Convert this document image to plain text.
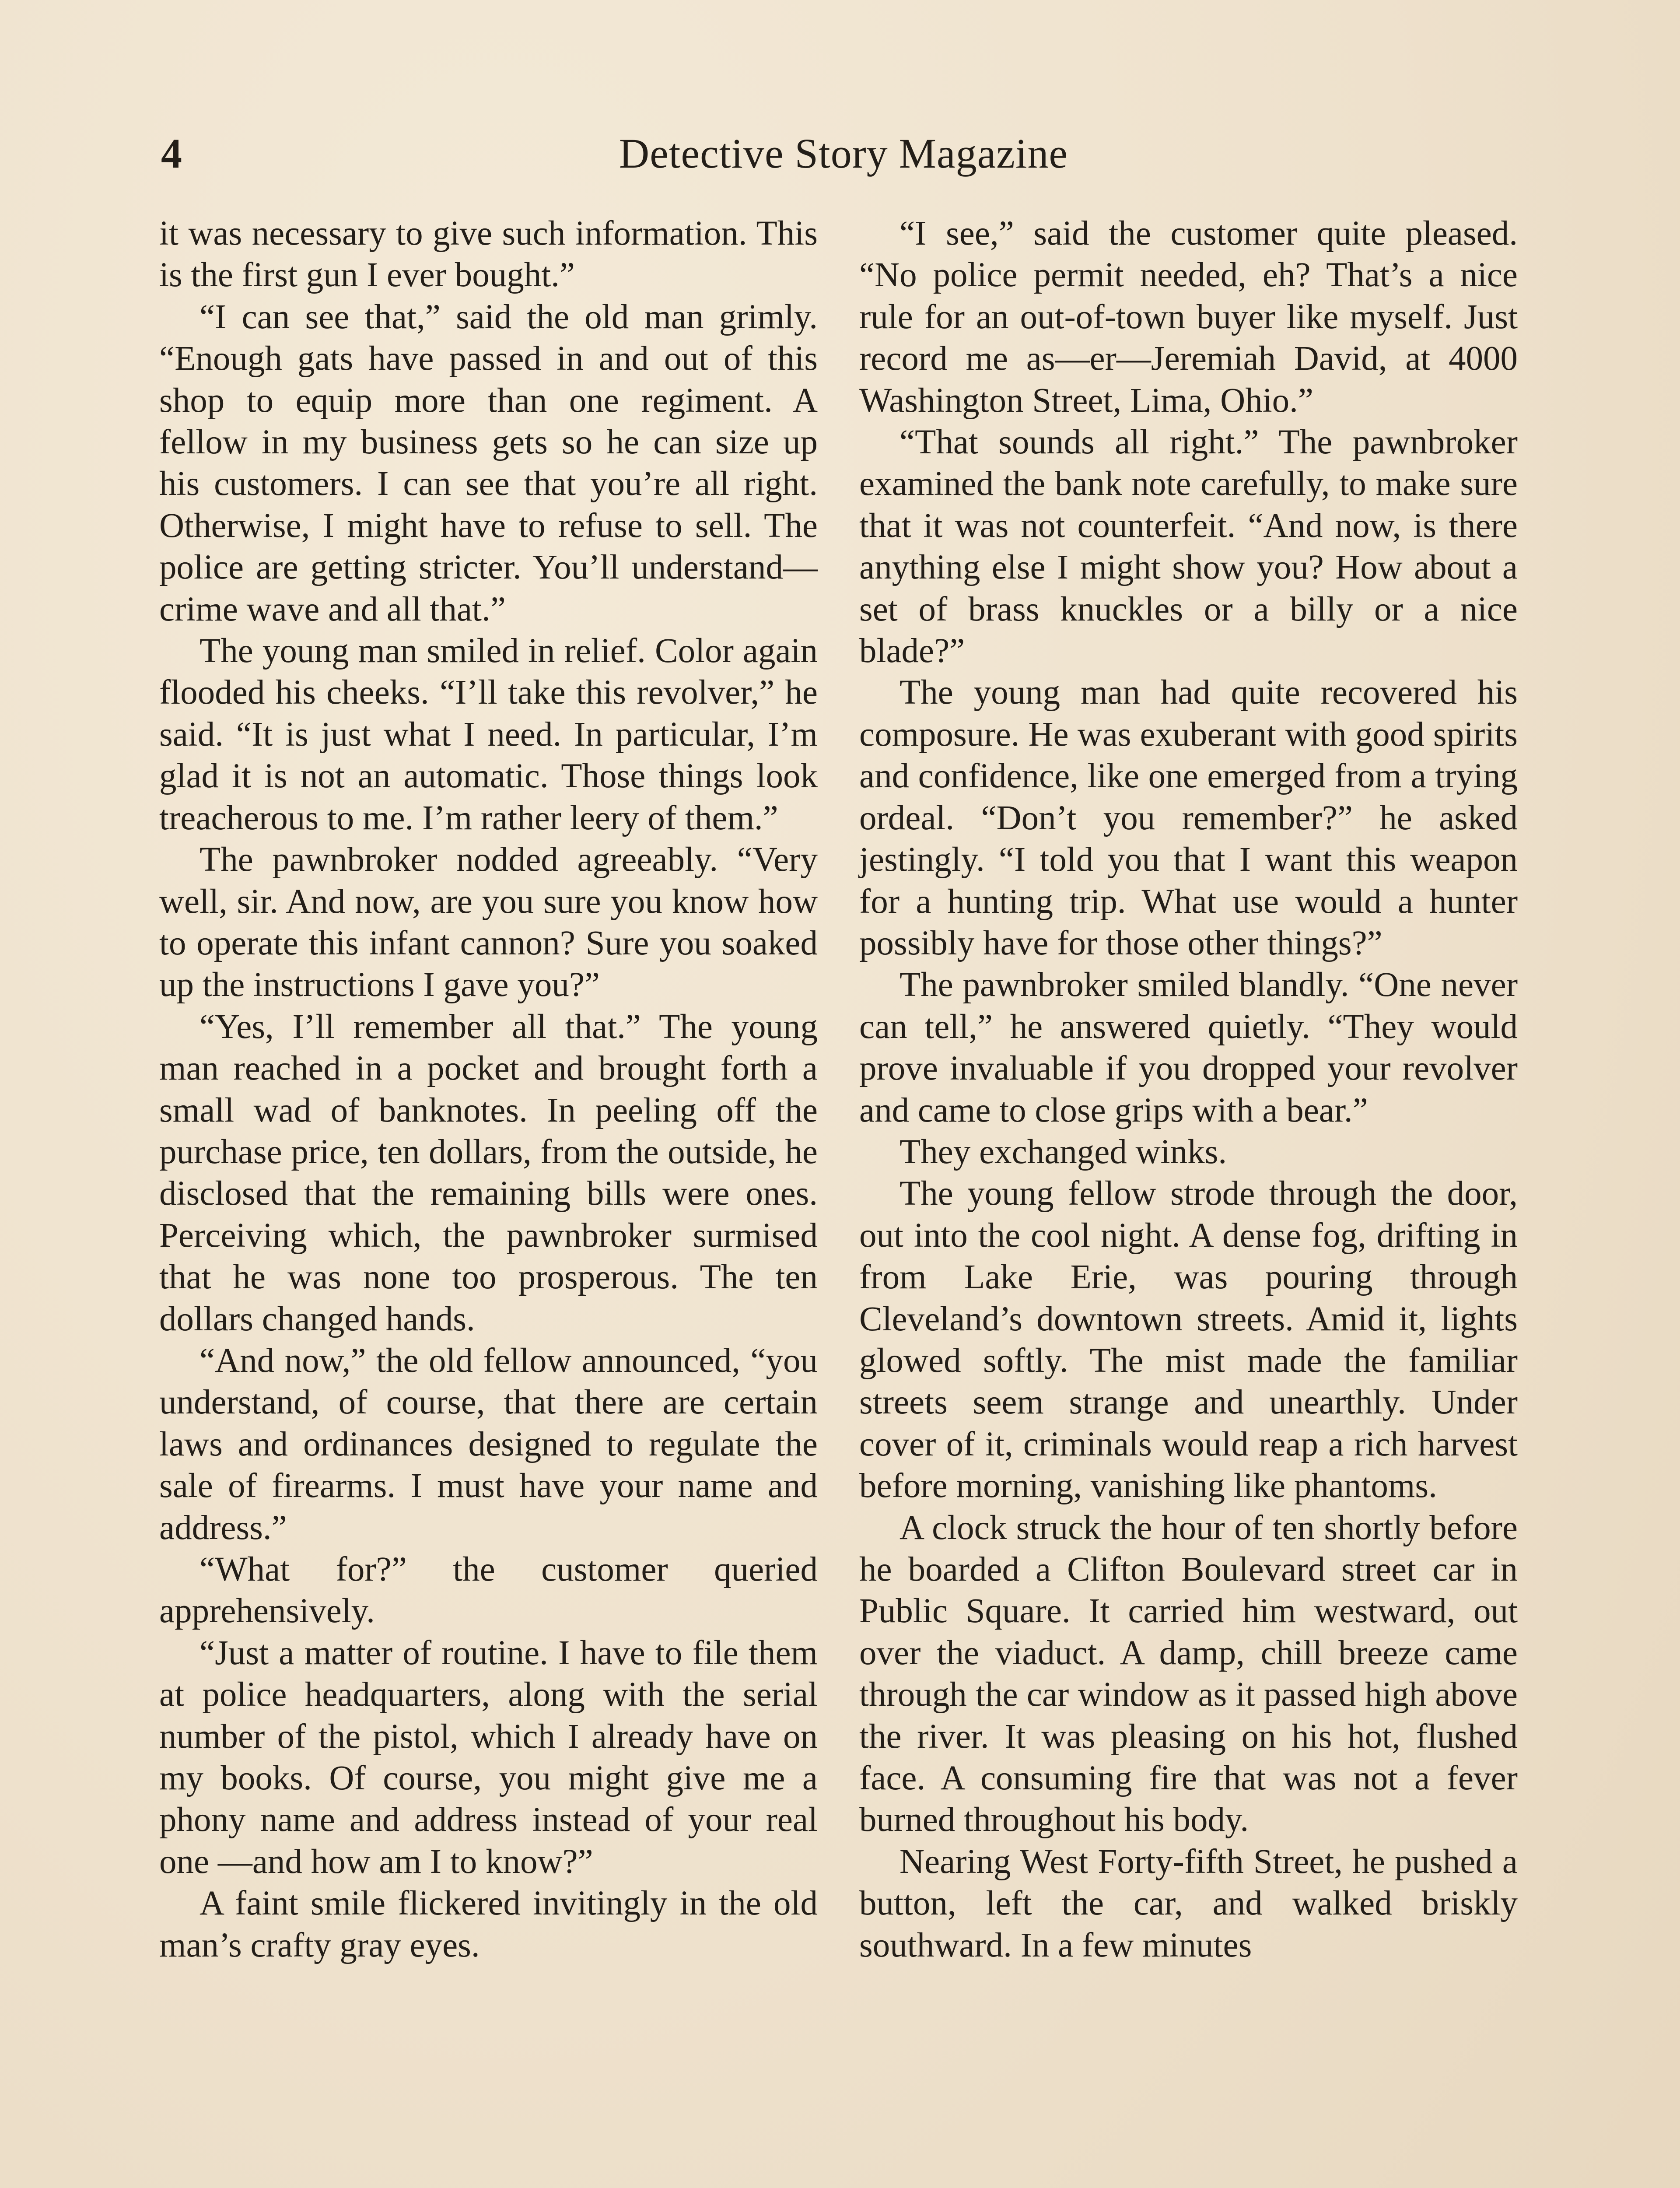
4	Detective Story Magazine

it was necessary to give such information. This is the first gun I ever bought.”

“I can see that,” said the old man grimly. “Enough gats have passed in and out of this shop to equip more than one regiment. A fellow in my business gets so he can size up his customers. I can see that you’re all right. Otherwise, I might have to refuse to sell. The police are getting stricter. You’ll understand—crime wave and all that.”

The young man smiled in relief. Color again flooded his cheeks. “I’ll take this revolver,” he said. “It is just what I need. In particular, I’m glad it is not an automatic. Those things look treacherous to me. I’m rather leery of them.”

The pawnbroker nodded agreeably. “Very well, sir. And now, are you sure you know how to operate this infant cannon? Sure you soaked up the instructions I gave you?”

“Yes, I’ll remember all that.” The young man reached in a pocket and brought forth a small wad of banknotes. In peeling off the purchase price, ten dollars, from the outside, he disclosed that the remaining bills were ones. Perceiving which, the pawnbroker surmised that he was none too prosperous. The ten dollars changed hands.

“And now,” the old fellow announced, “you understand, of course, that there are certain laws and ordinances designed to regulate the sale of firearms. I must have your name and address.”

“What for?” the customer queried apprehensively.

“Just a matter of routine. I have to file them at police headquarters, along with the serial number of the pistol, which I already have on my books. Of course, you might give me a phony name and address instead of your real one —and how am I to know?”

A faint smile flickered invitingly in the old man’s crafty gray eyes.

“I see,” said the customer quite pleased. “No police permit needed, eh? That’s a nice rule for an out-of-town buyer like myself. Just record me as—er—Jeremiah David, at 4000 Washington Street, Lima, Ohio.”

“That sounds all right.” The pawnbroker examined the bank note carefully, to make sure that it was not counterfeit. “And now, is there anything else I might show you? How about a set of brass knuckles or a billy or a nice blade?”

The young man had quite recovered his composure. He was exuberant with good spirits and confidence, like one emerged from a trying ordeal. “Don’t you remember?” he asked jestingly. “I told you that I want this weapon for a hunting trip. What use would a hunter possibly have for those other things?”

The pawnbroker smiled blandly. “One never can tell,” he answered quietly. “They would prove invaluable if you dropped your revolver and came to close grips with a bear.”

They exchanged winks.

The young fellow strode through the door, out into the cool night. A dense fog, drifting in from Lake Erie, was pouring through Cleveland’s downtown streets. Amid it, lights glowed softly. The mist made the familiar streets seem strange and unearthly. Under cover of it, criminals would reap a rich harvest before morning, vanishing like phantoms.

A clock struck the hour of ten shortly before he boarded a Clifton Boulevard street car in Public Square. It carried him westward, out over the viaduct. A damp, chill breeze came through the car window as it passed high above the river. It was pleasing on his hot, flushed face. A consuming fire that was not a fever burned throughout his body.

Nearing West Forty-fifth Street, he pushed a button, left the car, and walked briskly southward. In a few minutes
